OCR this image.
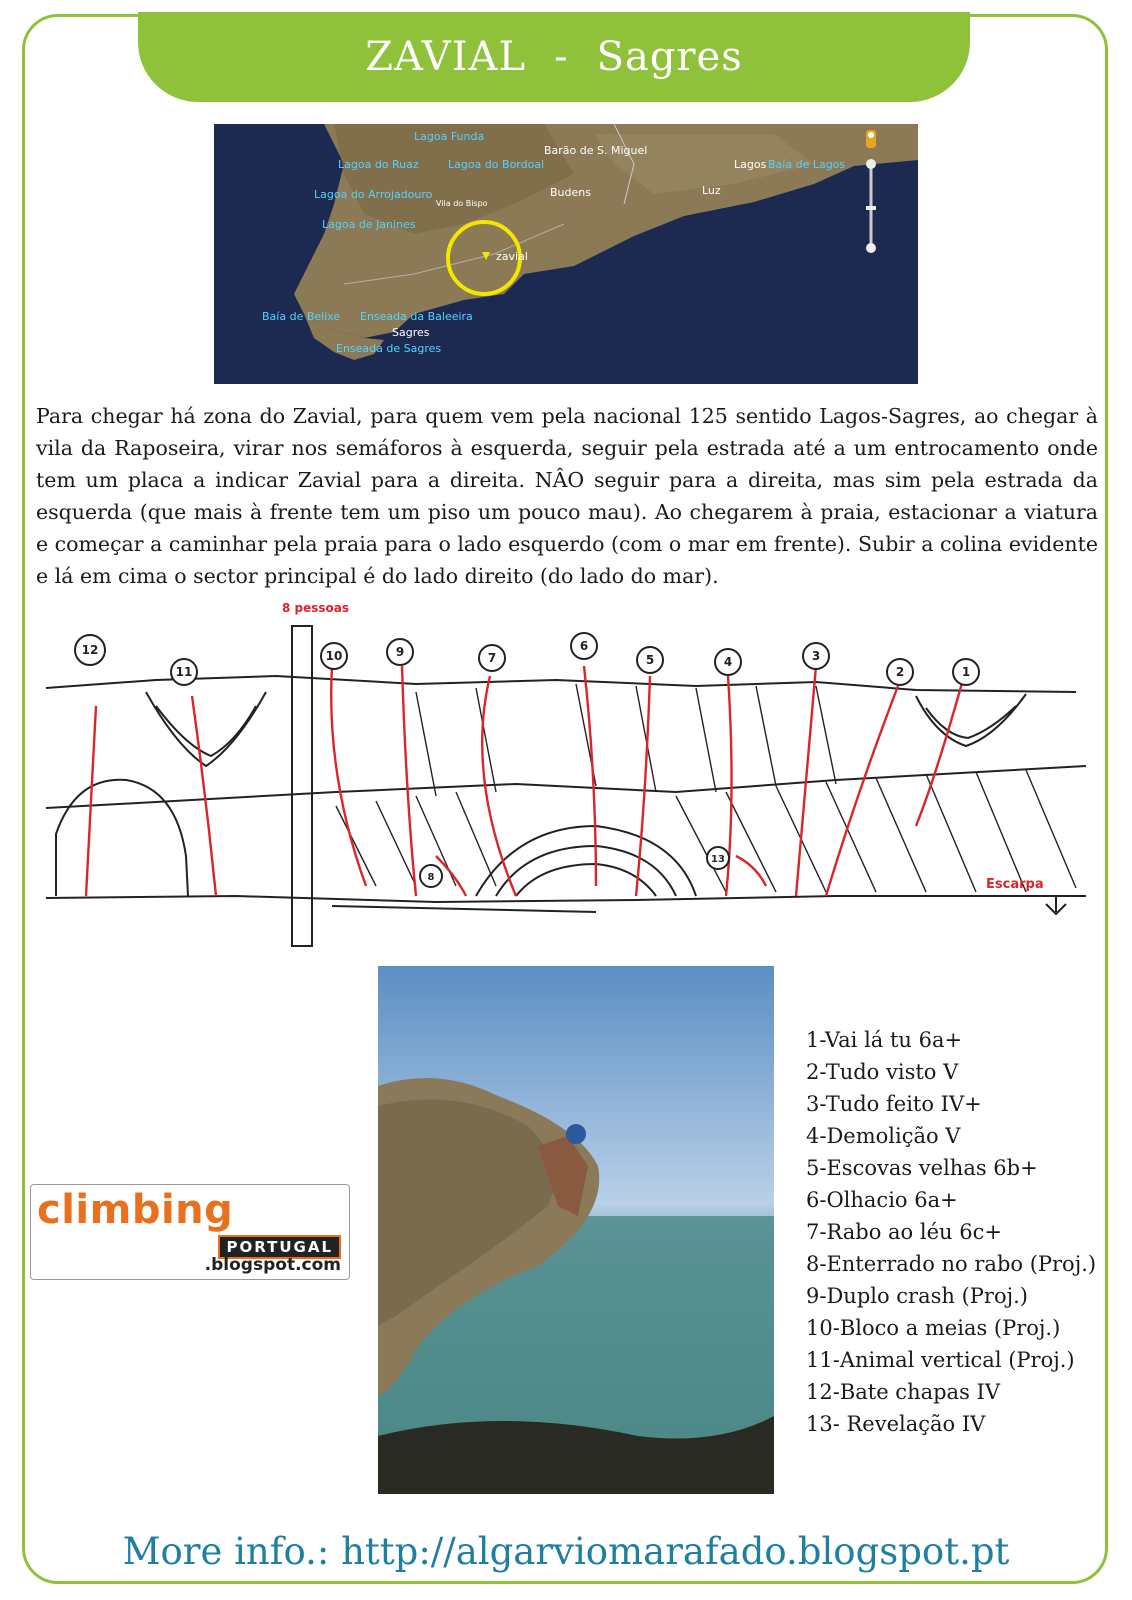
ZAVIAL - Sagres
Lagoa Funda
Lagoa do Ruaz	Lagoa do Bordoal	Baía de Lagos
Lagoa do Arrojadouro
Lagoa de Janines
Baía de Belixe Enseada da Baleeira
Enseada de Sagres
Barão de S. Miguel
Lagos
Budens	Luz
Vila do Bispo
zavial
Sagres

Para chegar há zona do Zavial, para quem vem pela nacional 125 sentido Lagos-Sagres, ao chegar à vila da Raposeira, virar nos semáforos à esquerda, seguir pela estrada até a um entrocamento onde tem um placa a indicar Zavial para a direita. NÂO seguir para a direita, mas sim pela estrada da esquerda (que mais à frente tem um piso um pouco mau). Ao chegarem à praia, estacionar a viatura e começar a caminhar pela praia para o lado esquerdo (com o mar em frente). Subir a colina evidente e lá em cima o sector principal é do lado direito (do lado do mar).

12
11
10	9	7
6
5	4	3
2	1
8
13
8 pessoas
Escarpa
climbing
PORTUGAL
.blogspot.com
1-Vai lá tu 6a+
2-Tudo visto V
3-Tudo feito IV+
4-Demolição V
5-Escovas velhas 6b+
6-Olhacio 6a+
7-Rabo ao léu 6c+
8-Enterrado no rabo (Proj.)
9-Duplo crash (Proj.)
10-Bloco a meias (Proj.)
11-Animal vertical (Proj.)
12-Bate chapas IV
13- Revelação IV
More info.: http://algarviomarafado.blogspot.pt
